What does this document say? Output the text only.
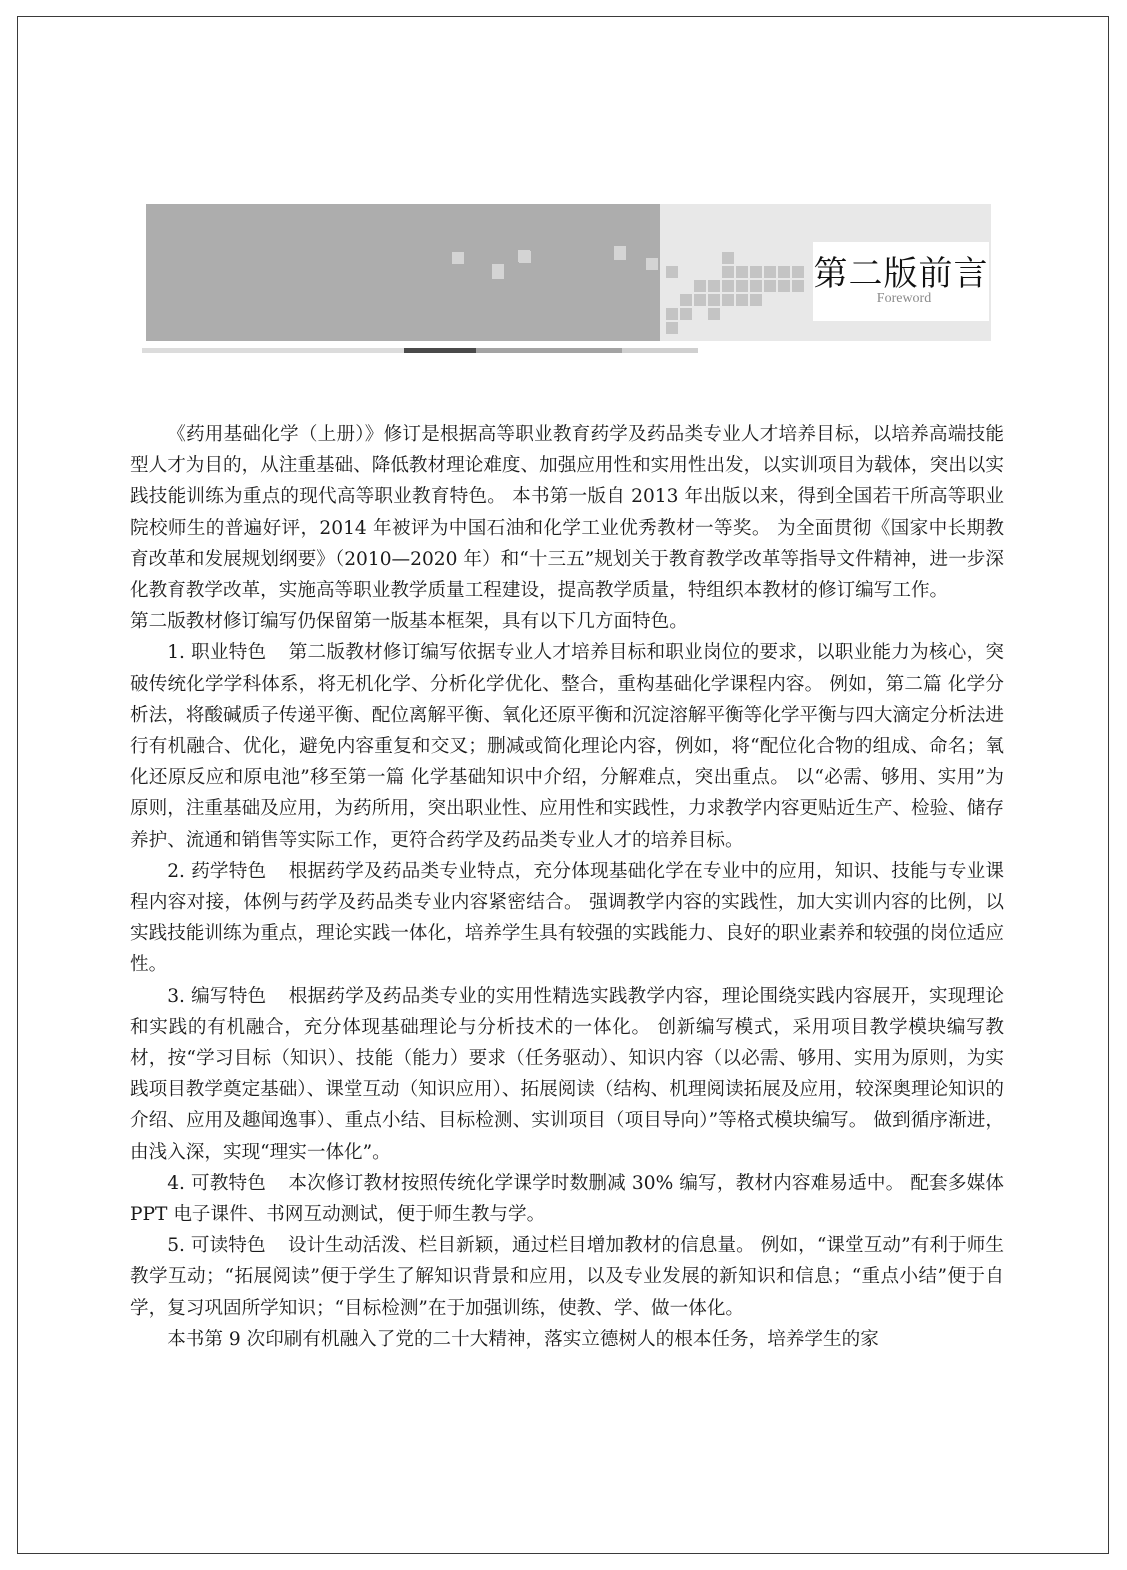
第二版前言
Foreword

《药用基础化学（上册）》修订是根据高等职业教育药学及药品类专业人才培养目标，以培养高端技能型人才为目的，从注重基础、降低教材理论难度、加强应用性和实用性出发，以实训项目为载体，突出以实践技能训练为重点的现代高等职业教育特色。 本书第一版自 2013 年出版以来，得到全国若干所高等职业院校师生的普遍好评，2014 年被评为中国石油和化学工业优秀教材一等奖。 为全面贯彻《国家中长期教育改革和发展规划纲要》（2010—2020 年）和“十三五”规划关于教育教学改革等指导文件精神，进一步深化教育教学改革，实施高等职业教学质量工程建设，提高教学质量，特组织本教材的修订编写工作。

第二版教材修订编写仍保留第一版基本框架，具有以下几方面特色。

1. 职业特色 第二版教材修订编写依据专业人才培养目标和职业岗位的要求，以职业能力为核心，突破传统化学学科体系，将无机化学、分析化学优化、整合，重构基础化学课程内容。 例如，第二篇 化学分析法，将酸碱质子传递平衡、配位离解平衡、氧化还原平衡和沉淀溶解平衡等化学平衡与四大滴定分析法进行有机融合、优化，避免内容重复和交叉；删减或简化理论内容，例如，将“配位化合物的组成、命名；氧化还原反应和原电池”移至第一篇 化学基础知识中介绍，分解难点，突出重点。 以“必需、够用、实用”为原则，注重基础及应用，为药所用，突出职业性、应用性和实践性，力求教学内容更贴近生产、检验、储存养护、流通和销售等实际工作，更符合药学及药品类专业人才的培养目标。

2. 药学特色 根据药学及药品类专业特点，充分体现基础化学在专业中的应用，知识、技能与专业课程内容对接，体例与药学及药品类专业内容紧密结合。 强调教学内容的实践性，加大实训内容的比例，以实践技能训练为重点，理论实践一体化，培养学生具有较强的实践能力、良好的职业素养和较强的岗位适应性。

3. 编写特色 根据药学及药品类专业的实用性精选实践教学内容，理论围绕实践内容展开，实现理论和实践的有机融合，充分体现基础理论与分析技术的一体化。 创新编写模式，采用项目教学模块编写教材，按“学习目标（知识）、技能（能力）要求（任务驱动）、知识内容（以必需、够用、实用为原则，为实践项目教学奠定基础）、课堂互动（知识应用）、拓展阅读（结构、机理阅读拓展及应用，较深奥理论知识的介绍、应用及趣闻逸事）、重点小结、目标检测、实训项目（项目导向）”等格式模块编写。 做到循序渐进，由浅入深，实现“理实一体化”。

4. 可教特色 本次修订教材按照传统化学课学时数删减 30% 编写，教材内容难易适中。 配套多媒体 PPT 电子课件、书网互动测试，便于师生教与学。

5. 可读特色 设计生动活泼、栏目新颖，通过栏目增加教材的信息量。 例如，“课堂互动”有利于师生教学互动；“拓展阅读”便于学生了解知识背景和应用，以及专业发展的新知识和信息；“重点小结”便于自学，复习巩固所学知识；“目标检测”在于加强训练，使教、学、做一体化。

本书第 9 次印刷有机融入了党的二十大精神，落实立德树人的根本任务，培养学生的家
